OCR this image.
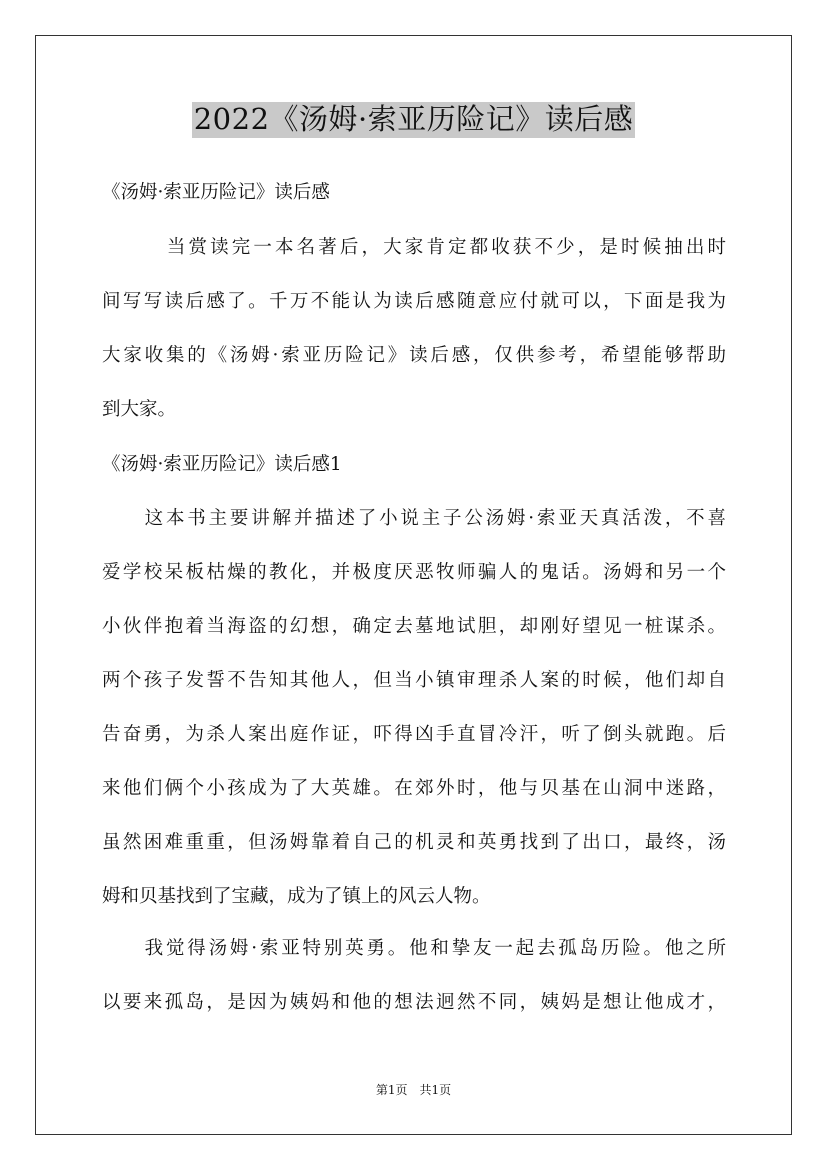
2022《汤姆·索亚历险记》读后感
《汤姆·索亚历险记》读后感
　　　当赏读完一本名著后，大家肯定都收获不少，是时候抽出时
间写写读后感了。千万不能认为读后感随意应付就可以，下面是我为
大家收集的《汤姆·索亚历险记》读后感，仅供参考，希望能够帮助
到大家。
《汤姆·索亚历险记》读后感1
　　这本书主要讲解并描述了小说主子公汤姆·索亚天真活泼，不喜
爱学校呆板枯燥的教化，并极度厌恶牧师骗人的鬼话。汤姆和另一个
小伙伴抱着当海盗的幻想，确定去墓地试胆，却刚好望见一桩谋杀。
两个孩子发誓不告知其他人，但当小镇审理杀人案的时候，他们却自
告奋勇，为杀人案出庭作证，吓得凶手直冒冷汗，听了倒头就跑。后
来他们俩个小孩成为了大英雄。在郊外时，他与贝基在山洞中迷路，
虽然困难重重，但汤姆靠着自己的机灵和英勇找到了出口，最终，汤
姆和贝基找到了宝藏，成为了镇上的风云人物。
　　我觉得汤姆·索亚特别英勇。他和挚友一起去孤岛历险。他之所
以要来孤岛，是因为姨妈和他的想法迥然不同，姨妈是想让他成才，
第1页　共1页
